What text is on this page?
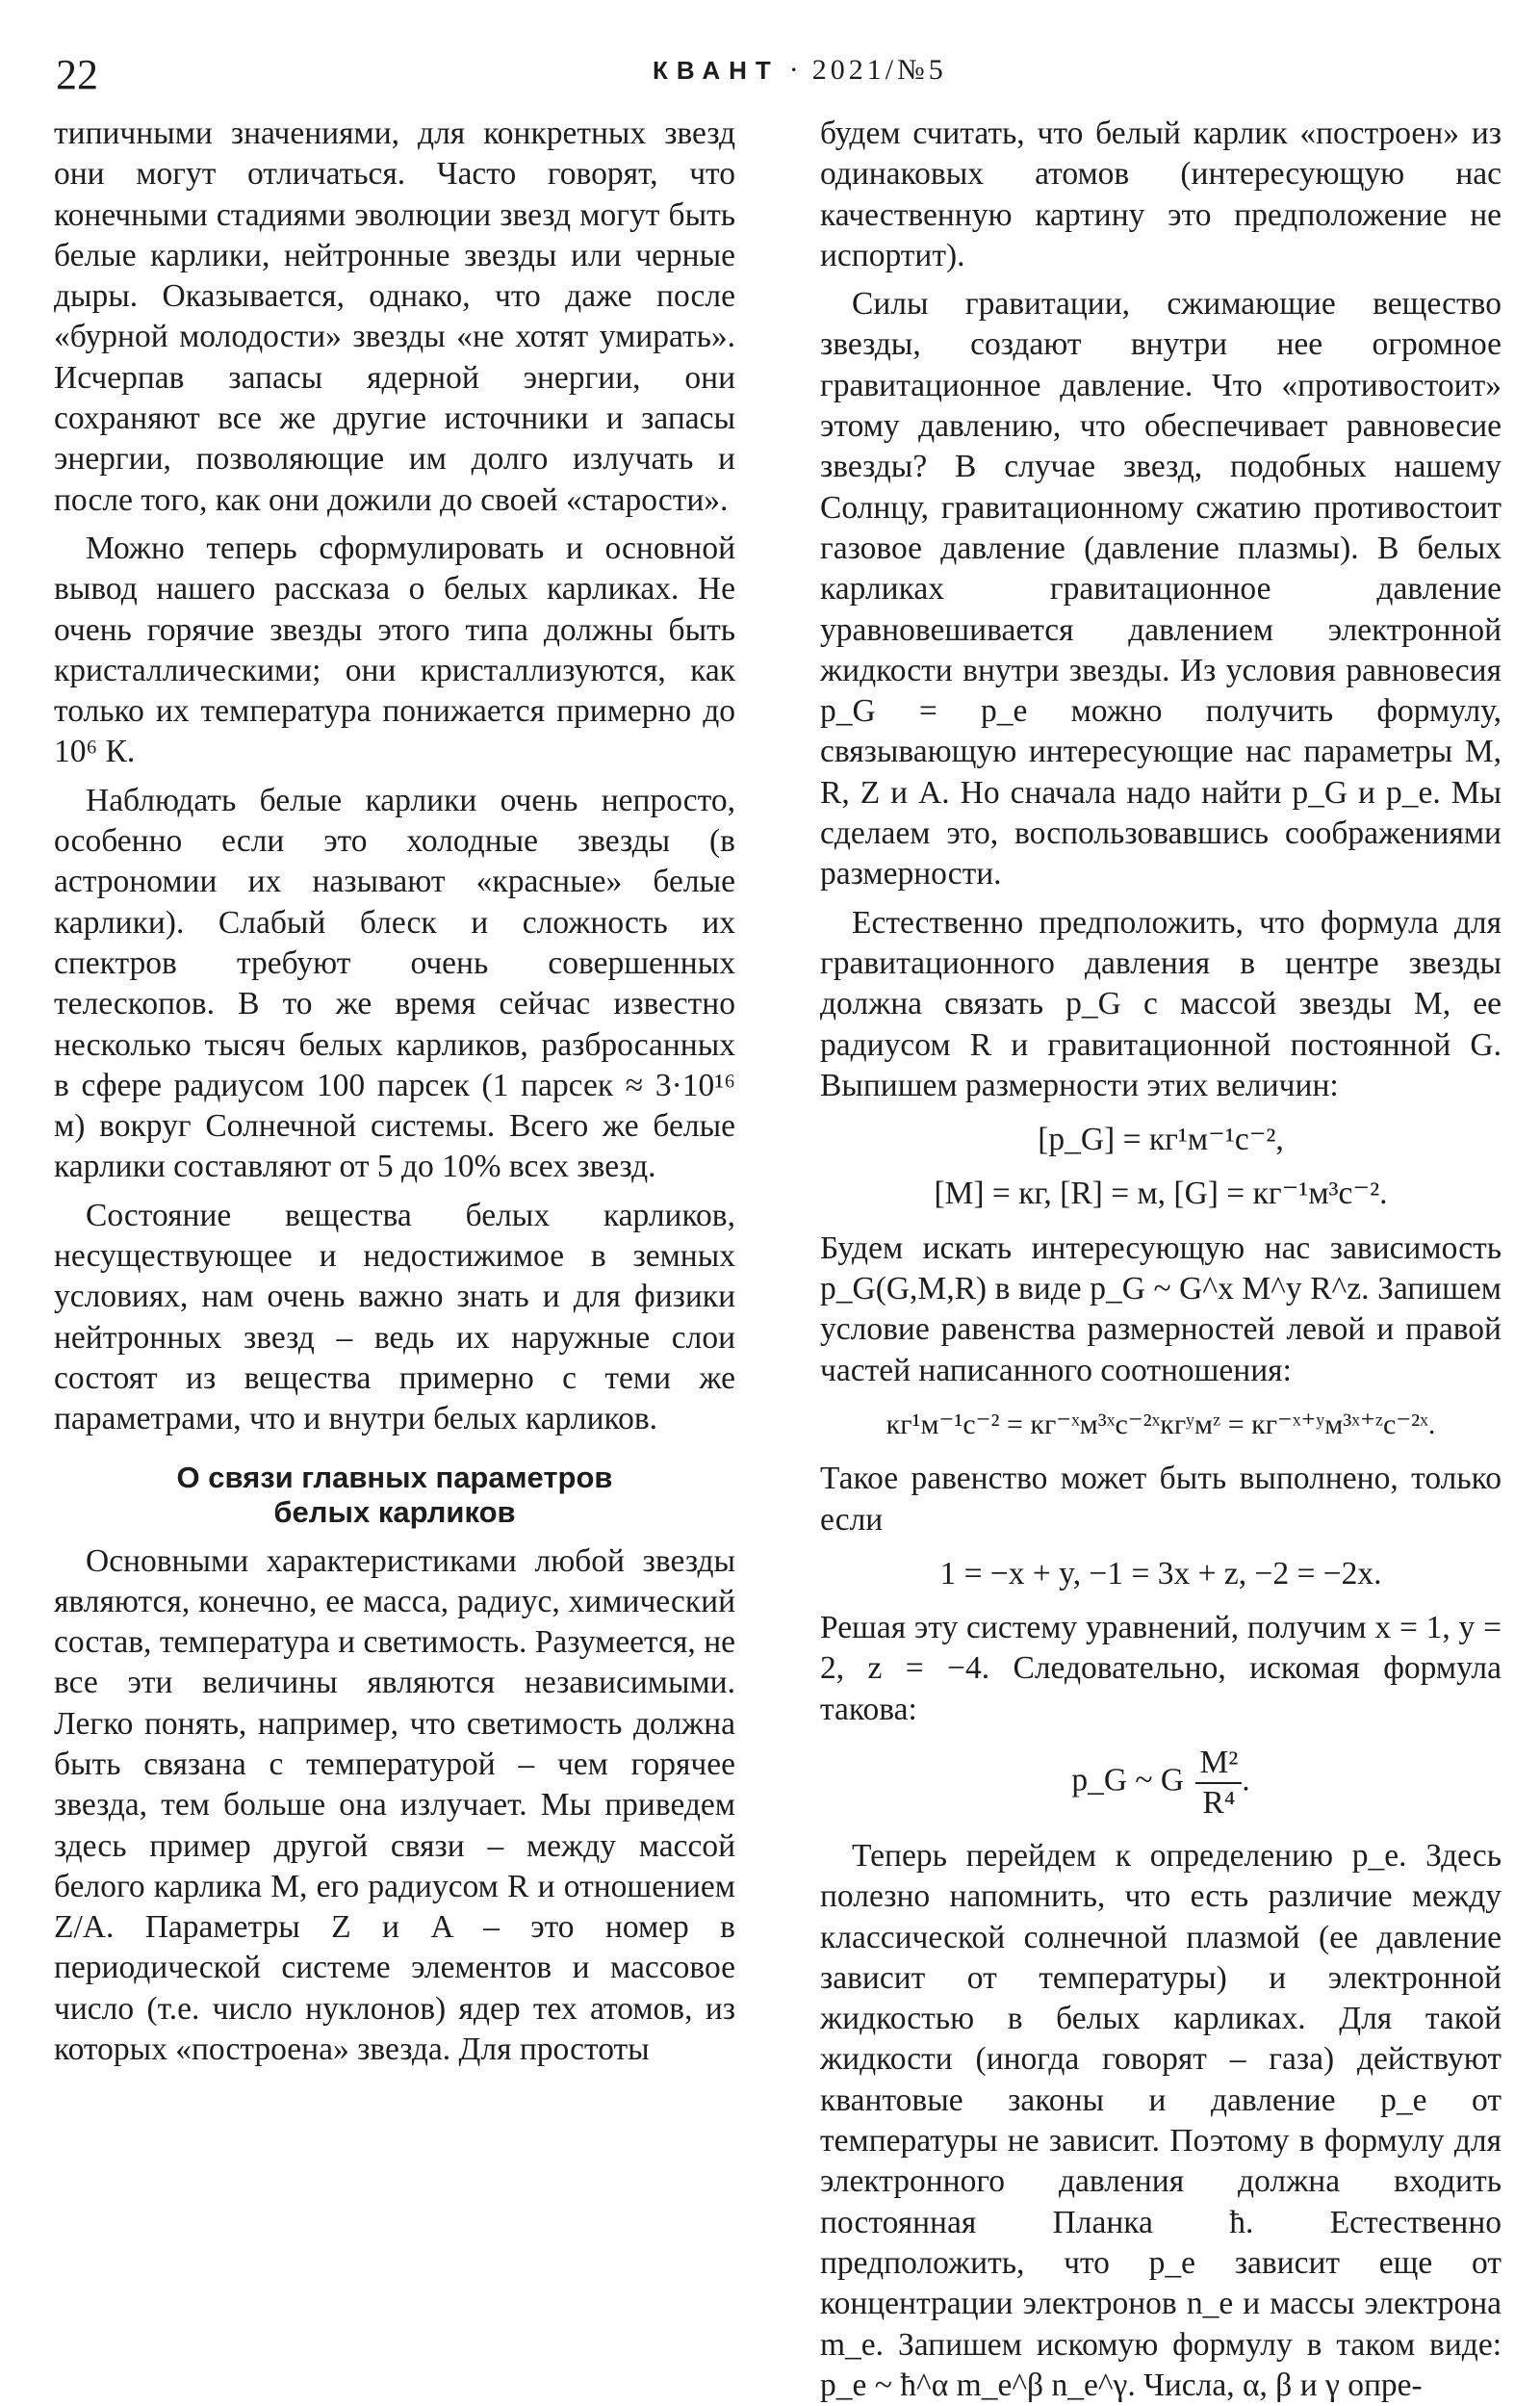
22	КВАНТ · 2021/№5

типичными значениями, для конкретных звезд они могут отличаться. Часто говорят, что конечными стадиями эволюции звезд могут быть белые карлики, нейтронные звезды или черные дыры. Оказывается, однако, что даже после «бурной молодости» звезды «не хотят умирать». Исчерпав запасы ядерной энергии, они сохраняют все же другие источники и запасы энергии, позволяющие им долго излучать и после того, как они дожили до своей «старости».

Можно теперь сформулировать и основной вывод нашего рассказа о белых карликах. Не очень горячие звезды этого типа должны быть кристаллическими; они кристаллизуются, как только их температура понижается примерно до 10⁶ К.

Наблюдать белые карлики очень непросто, особенно если это холодные звезды (в астрономии их называют «красные» белые карлики). Слабый блеск и сложность их спектров требуют очень совершенных телескопов. В то же время сейчас известно несколько тысяч белых карликов, разбросанных в сфере радиусом 100 парсек (1 парсек ≈ 3·10¹⁶ м) вокруг Солнечной системы. Всего же белые карлики составляют от 5 до 10% всех звезд.

Состояние вещества белых карликов, несуществующее и недостижимое в земных условиях, нам очень важно знать и для физики нейтронных звезд – ведь их наружные слои состоят из вещества примерно с теми же параметрами, что и внутри белых карликов.

О связи главных параметров
белых карликов

Основными характеристиками любой звезды являются, конечно, ее масса, радиус, химический состав, температура и светимость. Разумеется, не все эти величины являются независимыми. Легко понять, например, что светимость должна быть связана с температурой – чем горячее звезда, тем больше она излучает. Мы приведем здесь пример другой связи – между массой белого карлика M, его радиусом R и отношением Z/A. Параметры Z и A – это номер в периодической системе элементов и массовое число (т.е. число нуклонов) ядер тех атомов, из которых «построена» звезда. Для простоты

будем считать, что белый карлик «построен» из одинаковых атомов (интересующую нас качественную картину это предположение не испортит).

Силы гравитации, сжимающие вещество звезды, создают внутри нее огромное гравитационное давление. Что «противостоит» этому давлению, что обеспечивает равновесие звезды? В случае звезд, подобных нашему Солнцу, гравитационному сжатию противостоит газовое давление (давление плазмы). В белых карликах гравитационное давление уравновешивается давлением электронной жидкости внутри звезды. Из условия равновесия p_G = p_e можно получить формулу, связывающую интересующие нас параметры M, R, Z и A. Но сначала надо найти p_G и p_e. Мы сделаем это, воспользовавшись соображениями размерности.

Естественно предположить, что формула для гравитационного давления в центре звезды должна связать p_G с массой звезды M, ее радиусом R и гравитационной постоянной G. Выпишем размерности этих величин:

[p_G] = кг¹м⁻¹с⁻²,
[M] = кг, [R] = м, [G] = кг⁻¹м³с⁻².

Будем искать интересующую нас зависимость p_G(G,M,R) в виде p_G ~ G^x M^y R^z. Запишем условие равенства размерностей левой и правой частей написанного соотношения:

кг¹м⁻¹с⁻² = кг⁻ˣм³ˣс⁻²ˣкгʸмᶻ = кг⁻ˣ⁺ʸм³ˣ⁺ᶻс⁻²ˣ.

Такое равенство может быть выполнено, только если

1 = −x + y, −1 = 3x + z, −2 = −2x.

Решая эту систему уравнений, получим x = 1, y = 2, z = −4. Следовательно, искомая формула такова:

p_G ~ G $\frac{\text{M²}}{\text{R⁴}}$ .

Теперь перейдем к определению p_e. Здесь полезно напомнить, что есть различие между классической солнечной плазмой (ее давление зависит от температуры) и электронной жидкостью в белых карликах. Для такой жидкости (иногда говорят – газа) действуют квантовые законы и давление p_e от температуры не зависит. Поэтому в формулу для электронного давления должна входить постоянная Планка ħ. Естественно предположить, что p_e зависит еще от концентрации электронов n_e и массы электрона m_e. Запишем искомую формулу в таком виде: p_e ~ ħ^α m_e^β n_e^γ. Числа, α, β и γ опре-
